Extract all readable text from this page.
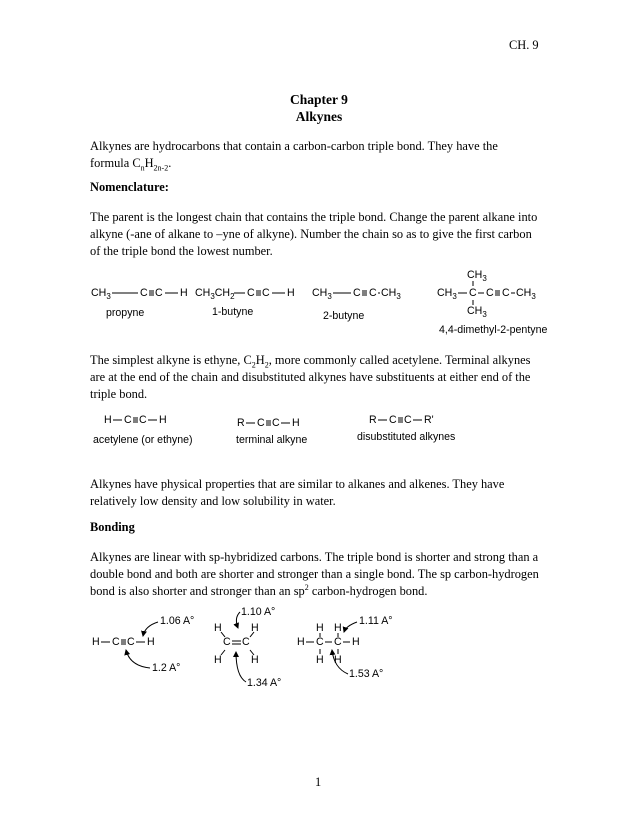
CH. 9
Chapter 9
Alkynes
Alkynes are hydrocarbons that contain a carbon-carbon triple bond. They have the
formula $C_nH_{2n-2}$.
Nomenclature:
The parent is the longest chain that contains the triple bond. Change the parent alkane into
alkyne (-ane of alkane to –yne of alkyne). Number the chain so as to give the first carbon
of the triple bond the lowest number.
$CH_3$	C C H
propyne
$CH_3CH_2$ C C H
1-butyne
$CH_3$ C C $CH_3$
2-butyne
$CH_3$
$CH_3$ C C C $CH_3$
$CH_3$
4,4-dimethyl-2-pentyne
The simplest alkyne is ethyne, $C_2H_2$, more commonly called acetylene. Terminal alkynes
are at the end of the chain and disubstituted alkynes have substituents at either end of the
triple bond.
H C C H
acetylene (or ethyne)
R C C H
terminal alkyne
R C C R'
disubstituted alkynes
Alkynes have physical properties that are similar to alkanes and alkenes. They have
relatively low density and low solubility in water.
Bonding
Alkynes are linear with sp-hybridized carbons. The triple bond is shorter and strong than a
double bond and both are shorter and stronger than a single bond. The sp carbon-hydrogen
bond is also shorter and stronger than an $sp^2$ carbon-hydrogen bond.
H C C H
1.06 A°
1.2 A°
H	H
C C
H	H
1.10 A°
1.34 A°
H H
H C C H
H H
1.11 A°
1.53 A°
1
